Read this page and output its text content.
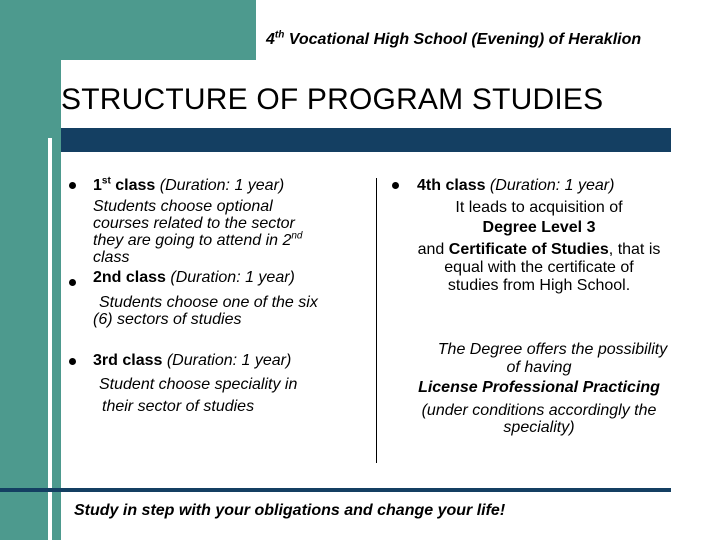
4th Vocational High School (Evening) of Heraklion
STRUCTURE OF PROGRAM STUDIES
1st class (Duration: 1 year)
Students choose optional
courses related to the sector
they are going to attend in 2nd
class
2nd class (Duration: 1 year)
Students choose one of the six
(6) sectors of studies
3rd class (Duration: 1 year)
Student choose speciality in
their sector of studies
4th class (Duration: 1 year)
It leads to acquisition of
Degree Level 3
and Certificate of Studies, that is
equal with the certificate of
studies from High School.
The Degree offers the possibility
of having
License Professional Practicing
(under conditions accordingly the
speciality)
Study in step with your obligations and change your life!
